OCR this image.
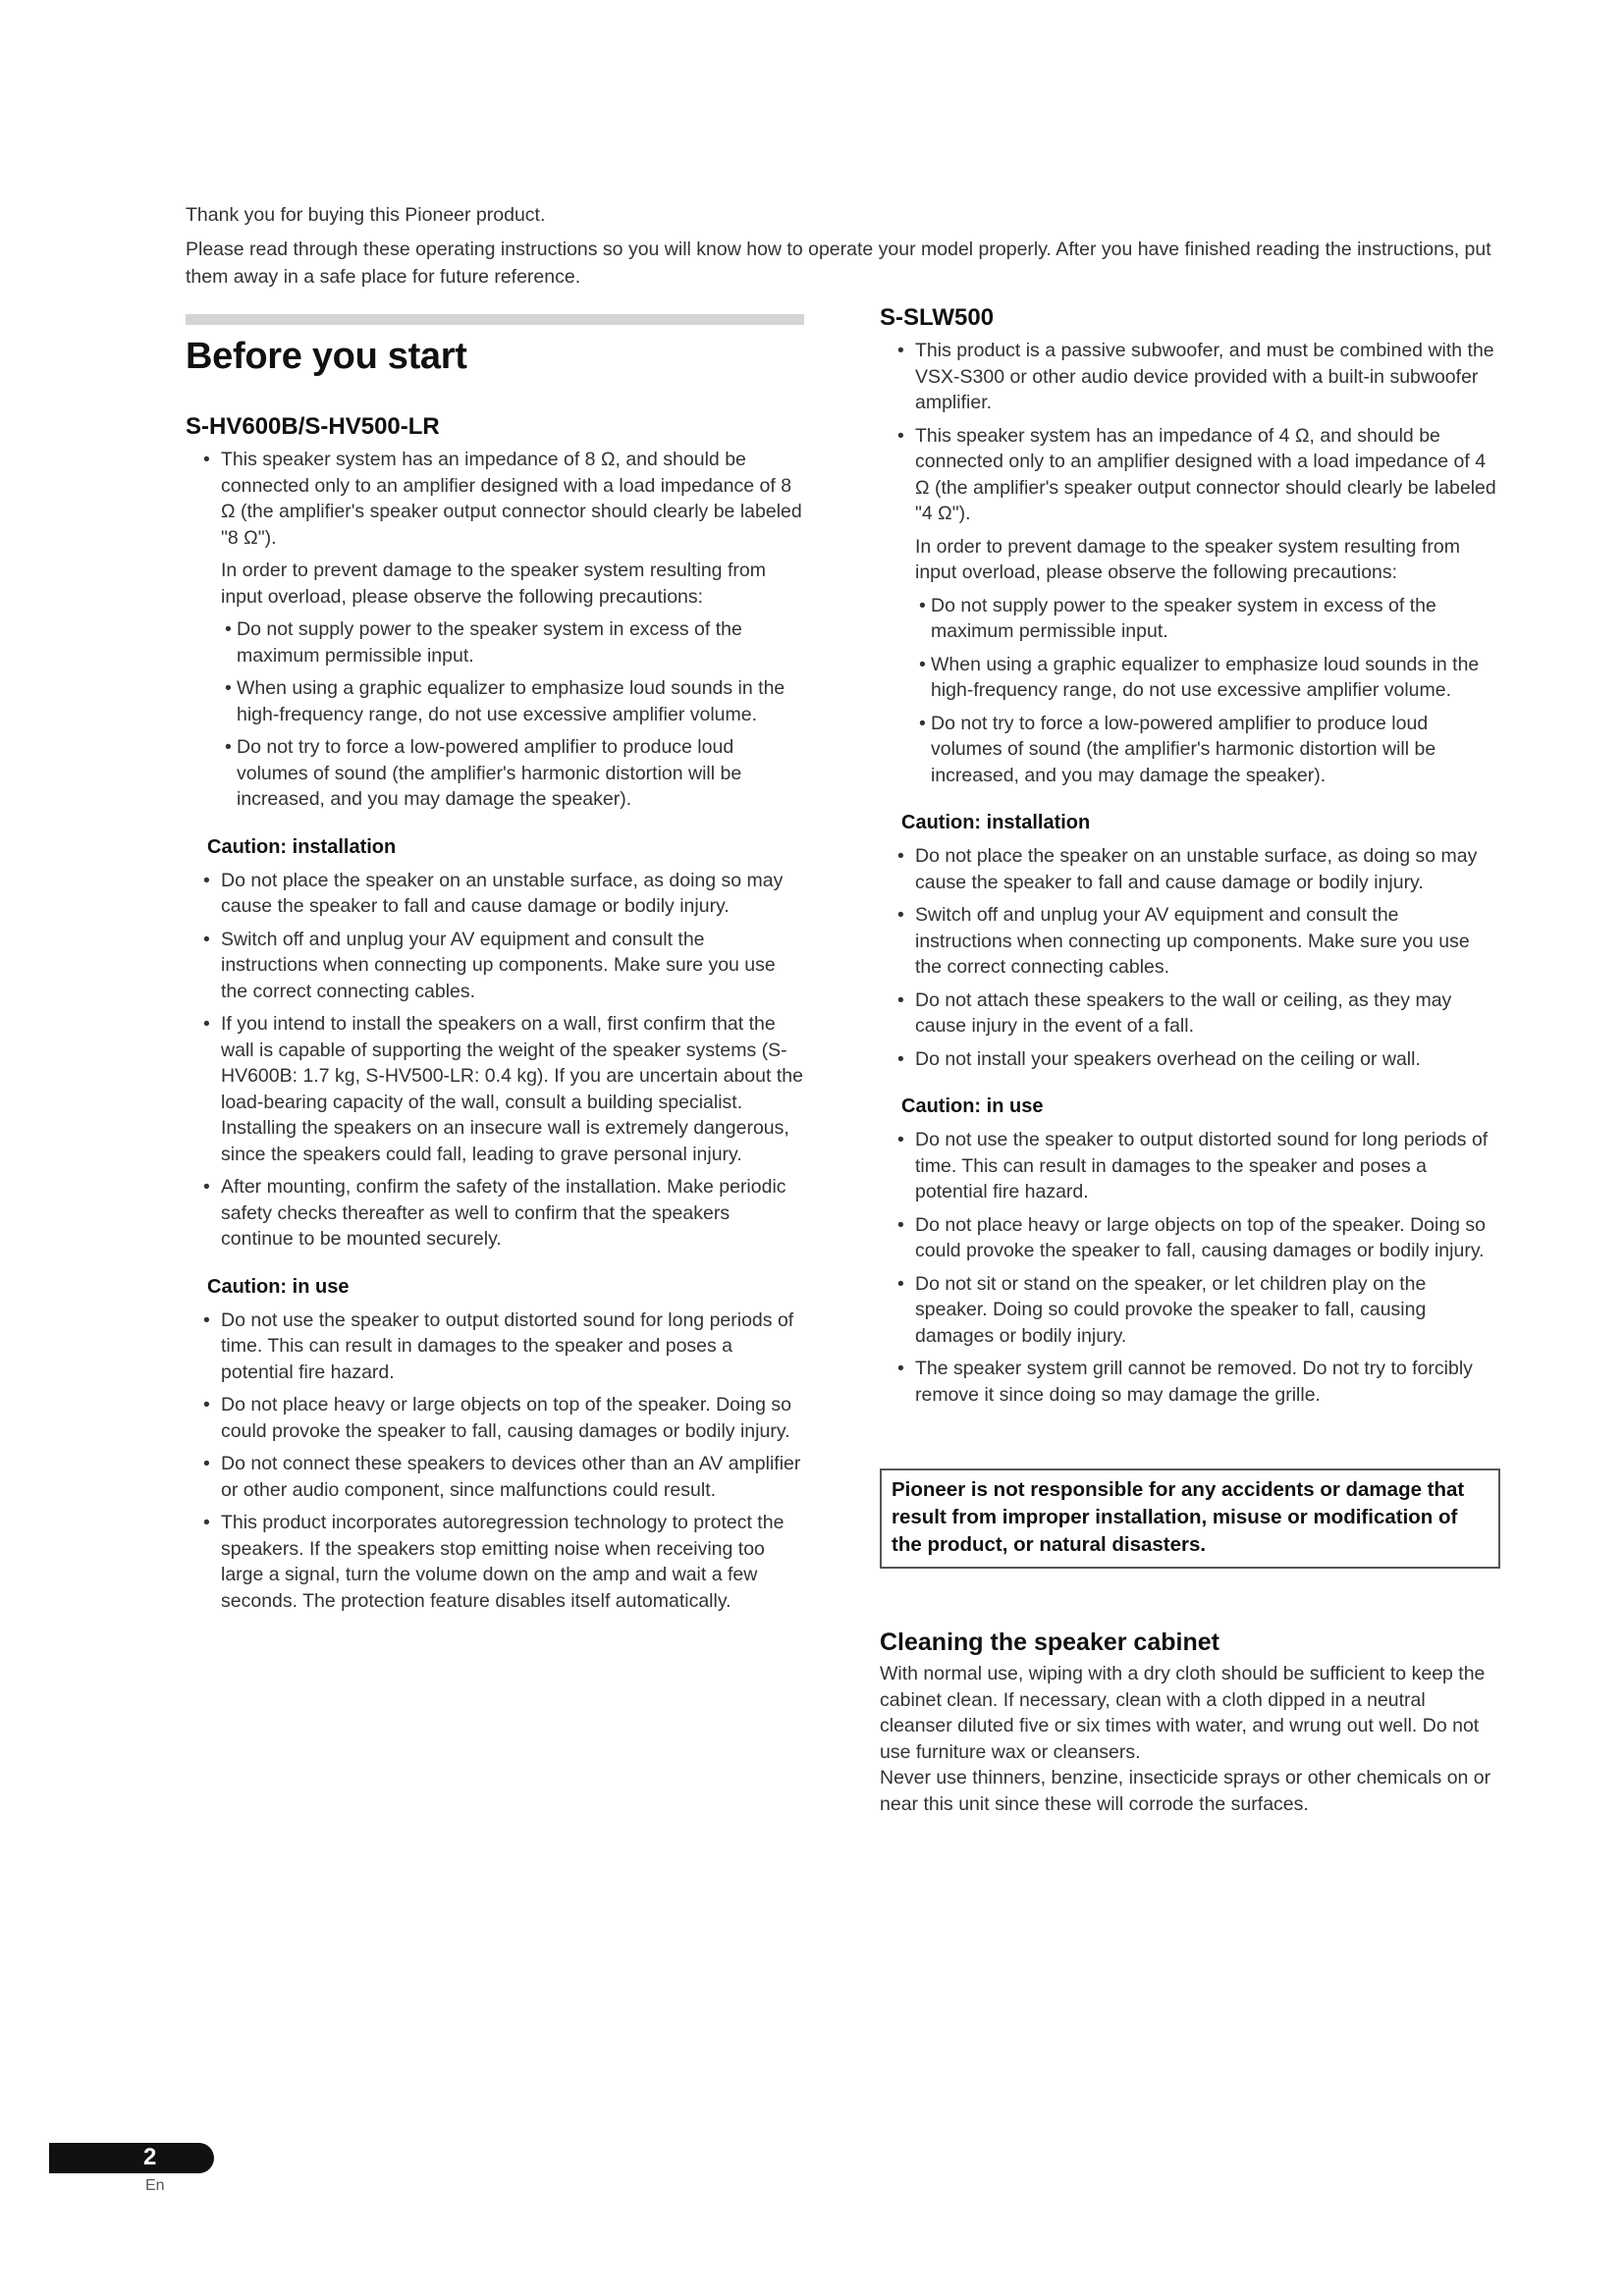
Thank you for buying this Pioneer product.

Please read through these operating instructions so you will know how to operate your model properly. After you have finished reading the instructions, put them away in a safe place for future reference.

Before you start
S-HV600B/S-HV500-LR
• This speaker system has an impedance of 8 Ω, and should be connected only to an amplifier designed with a load impedance of 8 Ω (the amplifier's speaker output connector should clearly be labeled "8 Ω").
In order to prevent damage to the speaker system resulting from input overload, please observe the following precautions:
• Do not supply power to the speaker system in excess of the maximum permissible input.
• When using a graphic equalizer to emphasize loud sounds in the high-frequency range, do not use excessive amplifier volume.
• Do not try to force a low-powered amplifier to produce loud volumes of sound (the amplifier's harmonic distortion will be increased, and you may damage the speaker).
Caution: installation
• Do not place the speaker on an unstable surface, as doing so may cause the speaker to fall and cause damage or bodily injury.
• Switch off and unplug your AV equipment and consult the instructions when connecting up components. Make sure you use the correct connecting cables.
• If you intend to install the speakers on a wall, first confirm that the wall is capable of supporting the weight of the speaker systems (S-HV600B: 1.7 kg, S-HV500-LR: 0.4 kg). If you are uncertain about the load-bearing capacity of the wall, consult a building specialist. Installing the speakers on an insecure wall is extremely dangerous, since the speakers could fall, leading to grave personal injury.
• After mounting, confirm the safety of the installation. Make periodic safety checks thereafter as well to confirm that the speakers continue to be mounted securely.
Caution: in use
• Do not use the speaker to output distorted sound for long periods of time. This can result in damages to the speaker and poses a potential fire hazard.
• Do not place heavy or large objects on top of the speaker. Doing so could provoke the speaker to fall, causing damages or bodily injury.
• Do not connect these speakers to devices other than an AV amplifier or other audio component, since malfunctions could result.
• This product incorporates autoregression technology to protect the speakers. If the speakers stop emitting noise when receiving too large a signal, turn the volume down on the amp and wait a few seconds. The protection feature disables itself automatically.
S-SLW500
• This product is a passive subwoofer, and must be combined with the VSX-S300 or other audio device provided with a built-in subwoofer amplifier.
• This speaker system has an impedance of 4 Ω, and should be connected only to an amplifier designed with a load impedance of 4 Ω (the amplifier's speaker output connector should clearly be labeled "4 Ω").
In order to prevent damage to the speaker system resulting from input overload, please observe the following precautions:
• Do not supply power to the speaker system in excess of the maximum permissible input.
• When using a graphic equalizer to emphasize loud sounds in the high-frequency range, do not use excessive amplifier volume.
• Do not try to force a low-powered amplifier to produce loud volumes of sound (the amplifier's harmonic distortion will be increased, and you may damage the speaker).
Caution: installation
• Do not place the speaker on an unstable surface, as doing so may cause the speaker to fall and cause damage or bodily injury.
• Switch off and unplug your AV equipment and consult the instructions when connecting up components. Make sure you use the correct connecting cables.
• Do not attach these speakers to the wall or ceiling, as they may cause injury in the event of a fall.
• Do not install your speakers overhead on the ceiling or wall.
Caution: in use
• Do not use the speaker to output distorted sound for long periods of time. This can result in damages to the speaker and poses a potential fire hazard.
• Do not place heavy or large objects on top of the speaker. Doing so could provoke the speaker to fall, causing damages or bodily injury.
• Do not sit or stand on the speaker, or let children play on the speaker. Doing so could provoke the speaker to fall, causing damages or bodily injury.
• The speaker system grill cannot be removed. Do not try to forcibly remove it since doing so may damage the grille.
Pioneer is not responsible for any accidents or damage that result from improper installation, misuse or modification of the product, or natural disasters.
Cleaning the speaker cabinet

With normal use, wiping with a dry cloth should be sufficient to keep the cabinet clean. If necessary, clean with a cloth dipped in a neutral cleanser diluted five or six times with water, and wrung out well. Do not use furniture wax or cleansers.

Never use thinners, benzine, insecticide sprays or other chemicals on or near this unit since these will corrode the surfaces.

2
En
